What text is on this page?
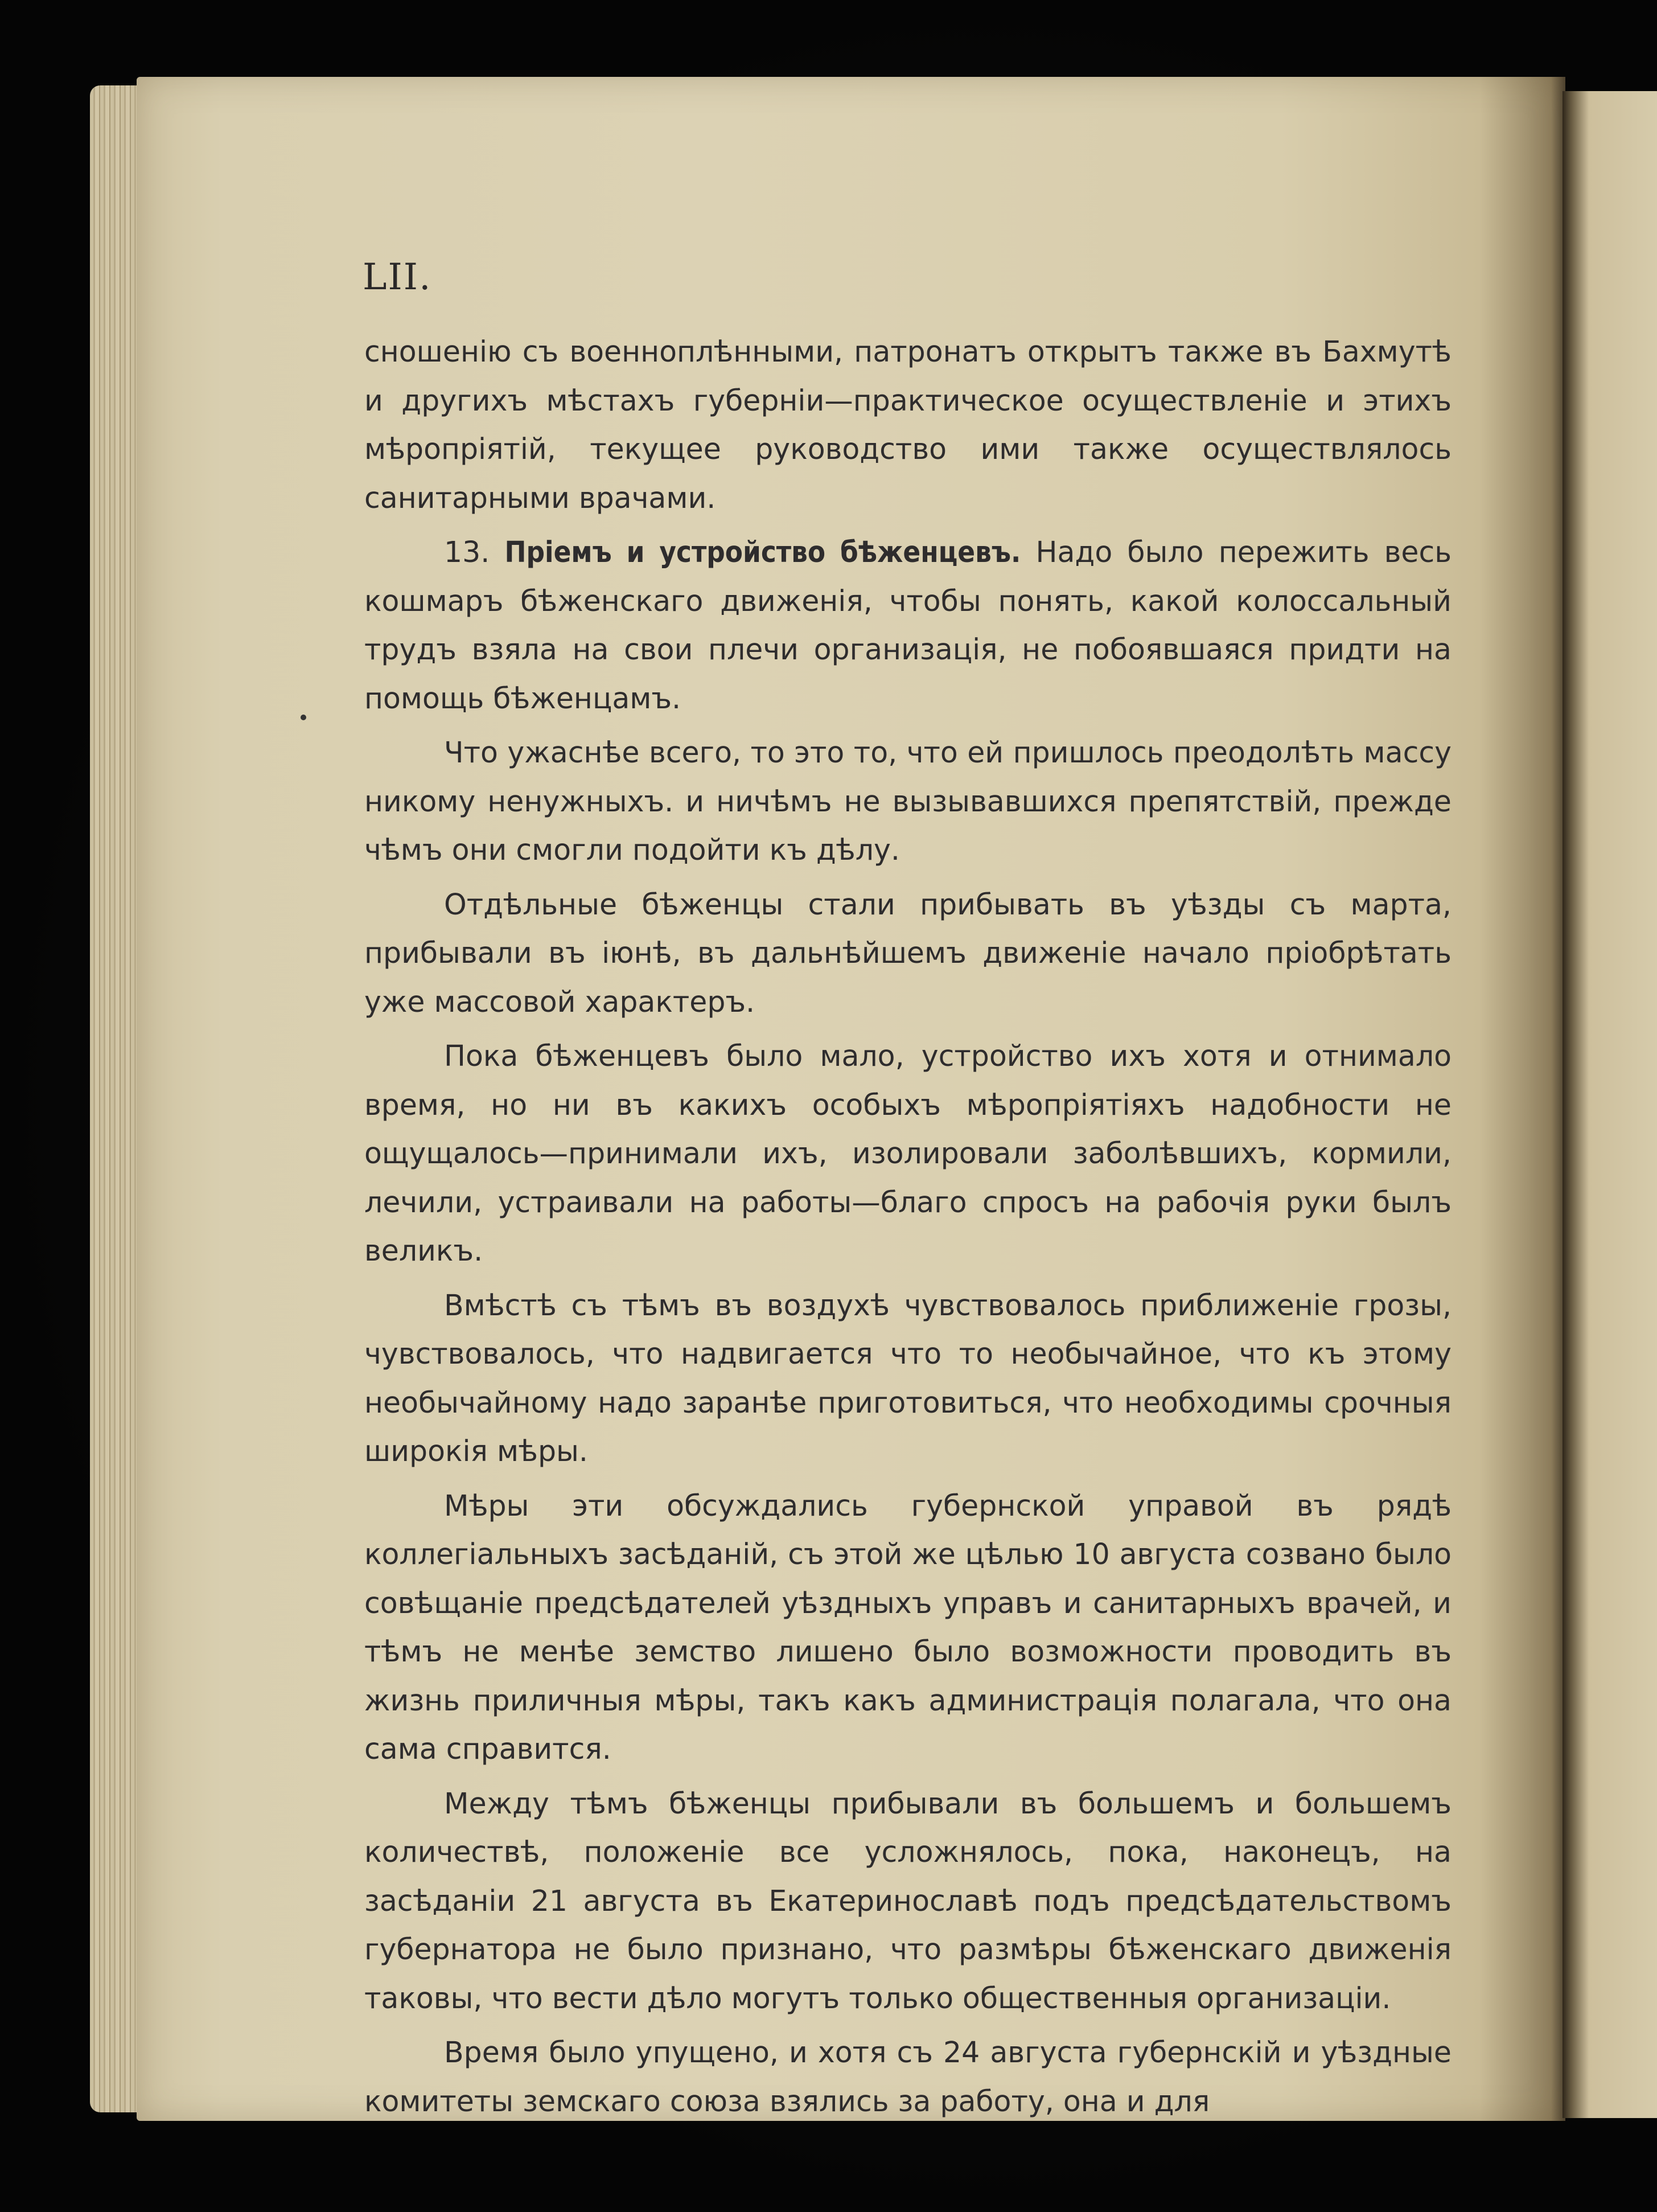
LII.

сношенію съ военноплѣнными, патронатъ открытъ также въ Бахмутѣ и другихъ мѣстахъ губерніи—практическое осуществленіе и этихъ мѣропріятій, текущее руководство ими также осуществлялось санитарными врачами.

13. Пріемъ и устройство бѣженцевъ. Надо было пережить весь кошмаръ бѣженскаго движенія, чтобы понять, какой колоссальный трудъ взяла на свои плечи организація, не побоявшаяся придти на помощь бѣженцамъ.

Что ужаснѣе всего, то это то, что ей пришлось преодолѣть массу никому ненужныхъ. и ничѣмъ не вызывавшихся препятствій, прежде чѣмъ они смогли подойти къ дѣлу.

Отдѣльные бѣженцы стали прибывать въ уѣзды съ марта, прибывали въ іюнѣ, въ дальнѣйшемъ движеніе начало пріобрѣтать уже массовой характеръ.

Пока бѣженцевъ было мало, устройство ихъ хотя и отнимало время, но ни въ какихъ особыхъ мѣропріятіяхъ надобности не ощущалось—принимали ихъ, изолировали заболѣвшихъ, кормили, лечили, устраивали на работы—благо спросъ на рабочія руки былъ великъ.

Вмѣстѣ съ тѣмъ въ воздухѣ чувствовалось приближеніе грозы, чувствовалось, что надвигается что то необычайное, что къ этому необычайному надо заранѣе приготовиться, что необходимы срочныя широкія мѣры.

Мѣры эти обсуждались губернской управой въ рядѣ коллегіальныхъ засѣданій, съ этой же цѣлью 10 августа созвано было совѣщаніе предсѣдателей уѣздныхъ управъ и санитарныхъ врачей, и тѣмъ не менѣе земство лишено было возможности проводить въ жизнь приличныя мѣры, такъ какъ администрація полагала, что она сама справится.

Между тѣмъ бѣженцы прибывали въ большемъ и большемъ количествѣ, положеніе все усложнялось, пока, наконецъ, на засѣданіи 21 августа въ Екатеринославѣ подъ предсѣдательствомъ губернатора не было признано, что размѣры бѣженскаго движенія таковы, что вести дѣло могутъ только общественныя организаціи.

Время было упущено, и хотя съ 24 августа губернскій и уѣздные комитеты земскаго союза взялись за работу, она и для
